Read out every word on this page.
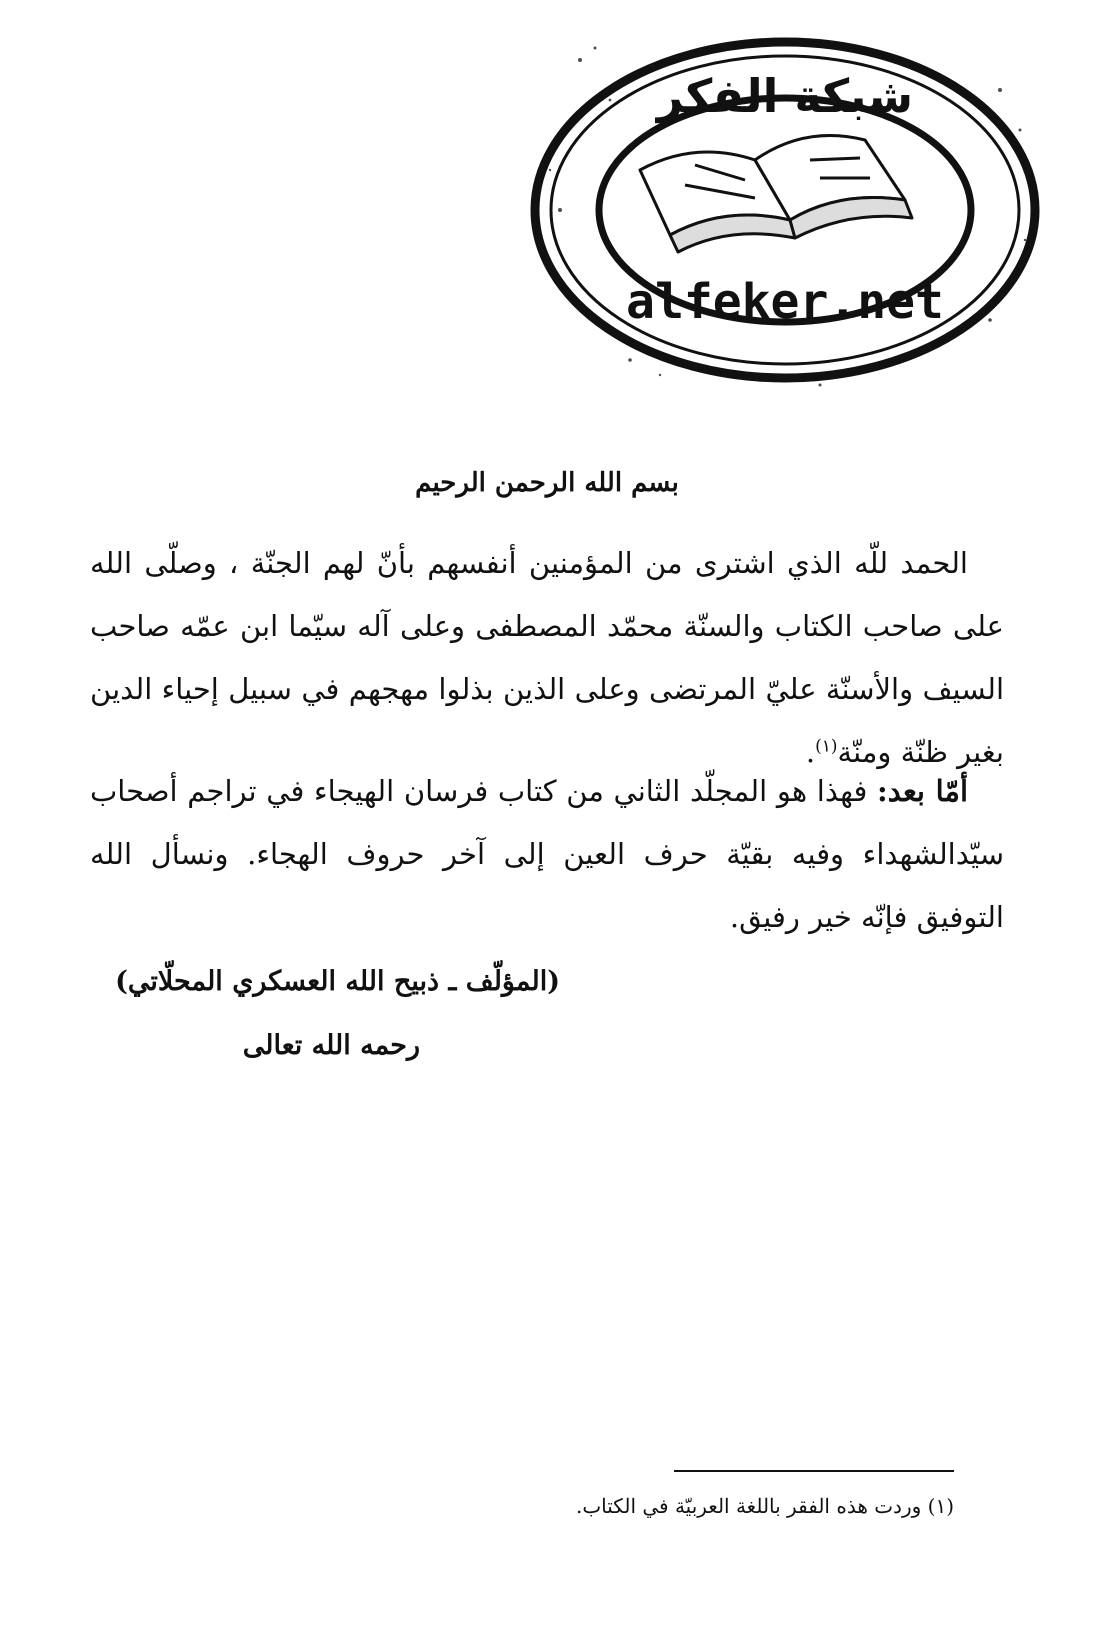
شبكة الفكر
alfeker.net
بسم الله الرحمن الرحيم

الحمد للّه الذي اشترى من المؤمنين أنفسهم بأنّ لهم الجنّة ، وصلّى الله على صاحب الكتاب والسنّة محمّد المصطفى وعلى آله سيّما ابن عمّه صاحب السيف والأسنّة عليّ المرتضى وعلى الذين بذلوا مهجهم في سبيل إحياء الدين بغير ظنّة ومنّة$^{(١)}$.

أمّا بعد: فهذا هو المجلّد الثاني من كتاب فرسان الهيجاء في تراجم أصحاب سيّدالشهداء وفيه بقيّة حرف العين إلى آخر حروف الهجاء. ونسأل الله التوفيق فإنّه خير رفيق.

(المؤلّف ـ ذبيح الله العسكري المحلّاتي)
رحمه الله تعالى
(١) وردت هذه الفقر باللغة العربيّة في الكتاب.
